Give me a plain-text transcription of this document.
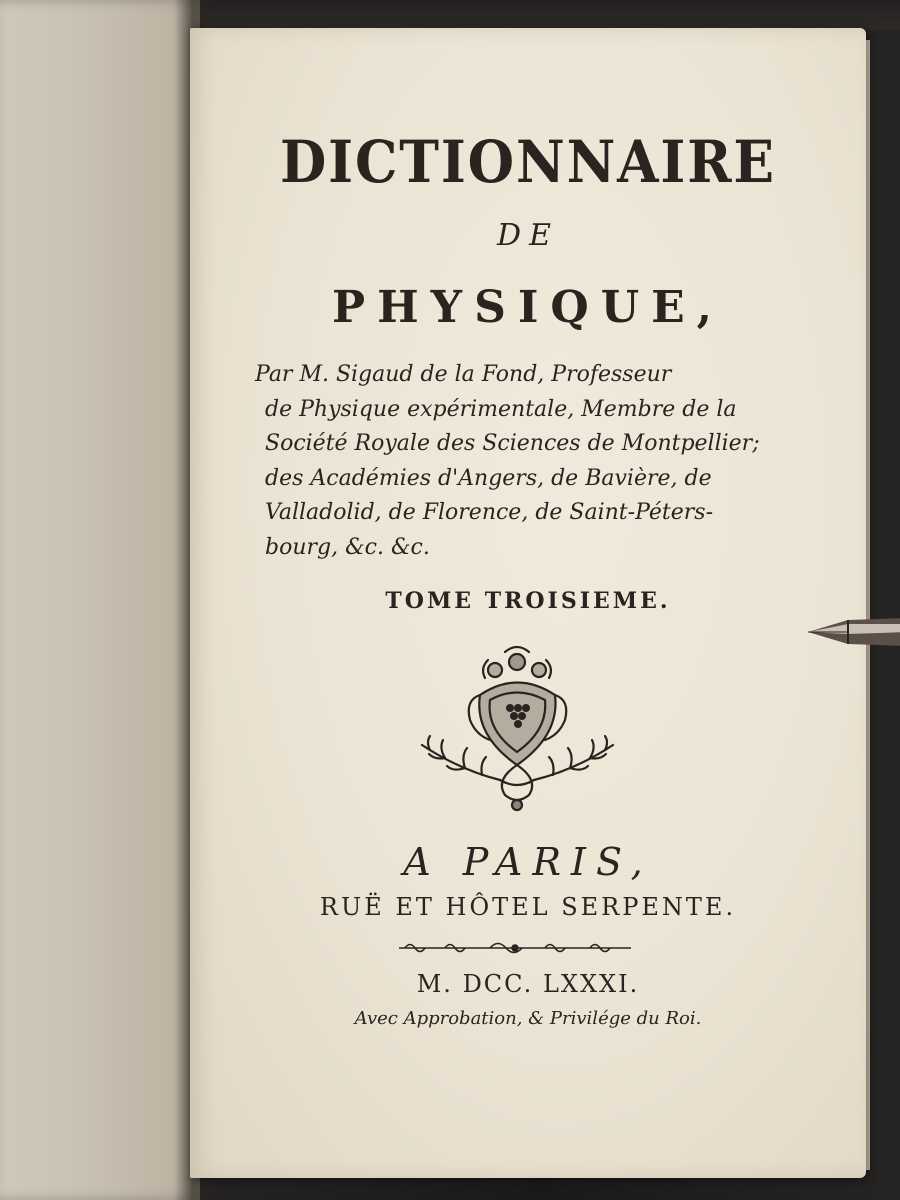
DICTIONNAIRE
DE
PHYSIQUE,
Par M. Sigaud de la Fond, Professeur
de Physique expérimentale, Membre de la
Société Royale des Sciences de Montpellier;
des Académies d'Angers, de Bavière, de
Valladolid, de Florence, de Saint-Péters-
bourg, &c. &c.
TOME TROISIEME.
A PARIS,
RUË ET HÔTEL SERPENTE.
M. DCC. LXXXI.
Avec Approbation, & Privilége du Roi.
